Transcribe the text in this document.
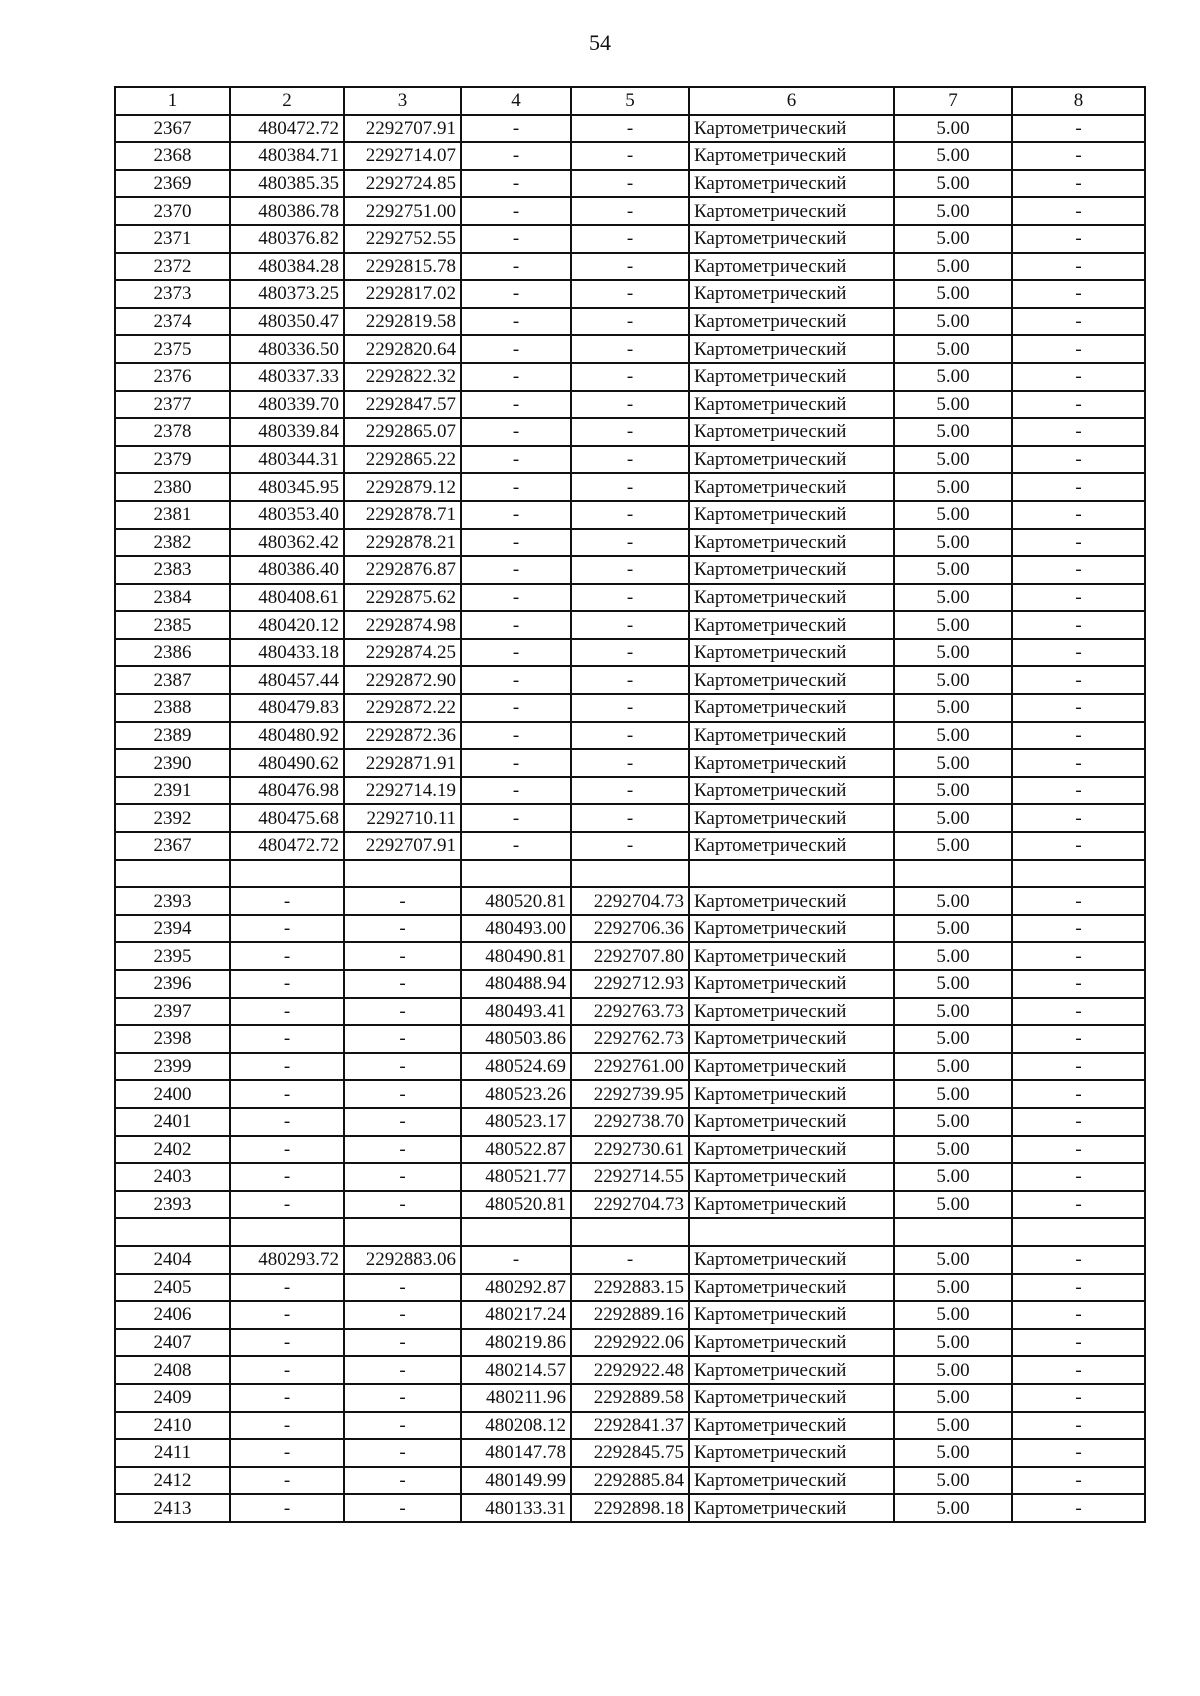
54
1	2	3	4	5	6	7	8
2367	480472.72	2292707.91	-	-	Картометрический	5.00	-
2368	480384.71	2292714.07	-	-	Картометрический	5.00	-
2369	480385.35	2292724.85	-	-	Картометрический	5.00	-
2370	480386.78	2292751.00	-	-	Картометрический	5.00	-
2371	480376.82	2292752.55	-	-	Картометрический	5.00	-
2372	480384.28	2292815.78	-	-	Картометрический	5.00	-
2373	480373.25	2292817.02	-	-	Картометрический	5.00	-
2374	480350.47	2292819.58	-	-	Картометрический	5.00	-
2375	480336.50	2292820.64	-	-	Картометрический	5.00	-
2376	480337.33	2292822.32	-	-	Картометрический	5.00	-
2377	480339.70	2292847.57	-	-	Картометрический	5.00	-
2378	480339.84	2292865.07	-	-	Картометрический	5.00	-
2379	480344.31	2292865.22	-	-	Картометрический	5.00	-
2380	480345.95	2292879.12	-	-	Картометрический	5.00	-
2381	480353.40	2292878.71	-	-	Картометрический	5.00	-
2382	480362.42	2292878.21	-	-	Картометрический	5.00	-
2383	480386.40	2292876.87	-	-	Картометрический	5.00	-
2384	480408.61	2292875.62	-	-	Картометрический	5.00	-
2385	480420.12	2292874.98	-	-	Картометрический	5.00	-
2386	480433.18	2292874.25	-	-	Картометрический	5.00	-
2387	480457.44	2292872.90	-	-	Картометрический	5.00	-
2388	480479.83	2292872.22	-	-	Картометрический	5.00	-
2389	480480.92	2292872.36	-	-	Картометрический	5.00	-
2390	480490.62	2292871.91	-	-	Картометрический	5.00	-
2391	480476.98	2292714.19	-	-	Картометрический	5.00	-
2392	480475.68	2292710.11	-	-	Картометрический	5.00	-
2367	480472.72	2292707.91	-	-	Картометрический	5.00	-

2393	-	-	480520.81	2292704.73	Картометрический	5.00	-
2394	-	-	480493.00	2292706.36	Картометрический	5.00	-
2395	-	-	480490.81	2292707.80	Картометрический	5.00	-
2396	-	-	480488.94	2292712.93	Картометрический	5.00	-
2397	-	-	480493.41	2292763.73	Картометрический	5.00	-
2398	-	-	480503.86	2292762.73	Картометрический	5.00	-
2399	-	-	480524.69	2292761.00	Картометрический	5.00	-
2400	-	-	480523.26	2292739.95	Картометрический	5.00	-
2401	-	-	480523.17	2292738.70	Картометрический	5.00	-
2402	-	-	480522.87	2292730.61	Картометрический	5.00	-
2403	-	-	480521.77	2292714.55	Картометрический	5.00	-
2393	-	-	480520.81	2292704.73	Картометрический	5.00	-

2404	480293.72	2292883.06	-	-	Картометрический	5.00	-
2405	-	-	480292.87	2292883.15	Картометрический	5.00	-
2406	-	-	480217.24	2292889.16	Картометрический	5.00	-
2407	-	-	480219.86	2292922.06	Картометрический	5.00	-
2408	-	-	480214.57	2292922.48	Картометрический	5.00	-
2409	-	-	480211.96	2292889.58	Картометрический	5.00	-
2410	-	-	480208.12	2292841.37	Картометрический	5.00	-
2411	-	-	480147.78	2292845.75	Картометрический	5.00	-
2412	-	-	480149.99	2292885.84	Картометрический	5.00	-
2413	-	-	480133.31	2292898.18	Картометрический	5.00	-
